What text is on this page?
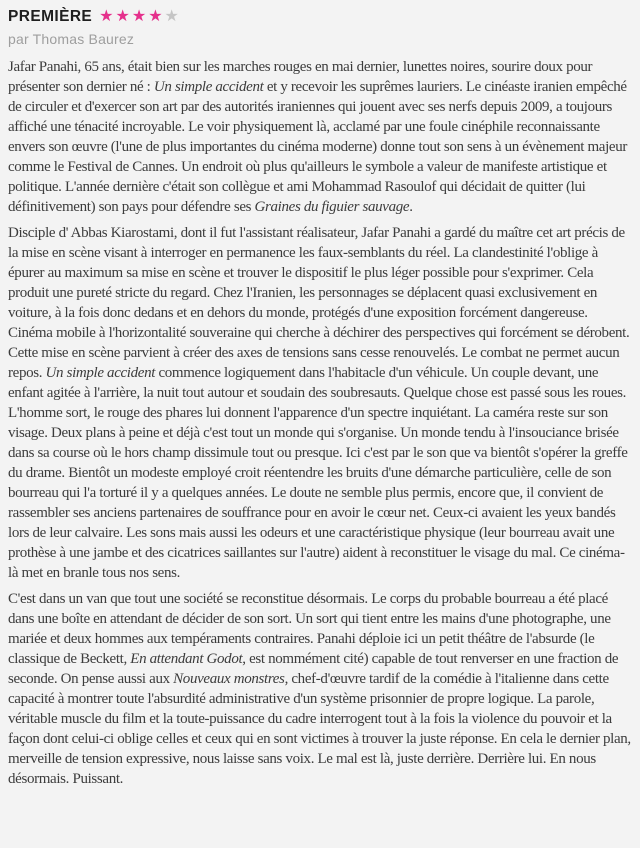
PREMIÈRE ★ ★ ★ ★ ★
par Thomas Baurez

Jafar Panahi, 65 ans, était bien sur les marches rouges en mai dernier, lunettes noires, sourire doux pour présenter son dernier né : Un simple accident et y recevoir les suprêmes lauriers. Le cinéaste iranien empêché de circuler et d'exercer son art par des autorités iraniennes qui jouent avec ses nerfs depuis 2009, a toujours affiché une ténacité incroyable. Le voir physiquement là, acclamé par une foule cinéphile reconnaissante envers son œuvre (l'une de plus importantes du cinéma moderne) donne tout son sens à un évènement majeur comme le Festival de Cannes. Un endroit où plus qu'ailleurs le symbole a valeur de manifeste artistique et politique. L'année dernière c'était son collègue et ami Mohammad Rasoulof qui décidait de quitter (lui définitivement) son pays pour défendre ses Graines du figuier sauvage.

Disciple d' Abbas Kiarostami, dont il fut l'assistant réalisateur, Jafar Panahi a gardé du maître cet art précis de la mise en scène visant à interroger en permanence les faux-semblants du réel. La clandestinité l'oblige à épurer au maximum sa mise en scène et trouver le dispositif le plus léger possible pour s'exprimer. Cela produit une pureté stricte du regard. Chez l'Iranien, les personnages se déplacent quasi exclusivement en voiture, à la fois donc dedans et en dehors du monde, protégés d'une exposition forcément dangereuse. Cinéma mobile à l'horizontalité souveraine qui cherche à déchirer des perspectives qui forcément se dérobent. Cette mise en scène parvient à créer des axes de tensions sans cesse renouvelés. Le combat ne permet aucun repos. Un simple accident commence logiquement dans l'habitacle d'un véhicule. Un couple devant, une enfant agitée à l'arrière, la nuit tout autour et soudain des soubresauts. Quelque chose est passé sous les roues. L'homme sort, le rouge des phares lui donnent l'apparence d'un spectre inquiétant. La caméra reste sur son visage. Deux plans à peine et déjà c'est tout un monde qui s'organise. Un monde tendu à l'insouciance brisée dans sa course où le hors champ dissimule tout ou presque. Ici c'est par le son que va bientôt s'opérer la greffe du drame. Bientôt un modeste employé croit réentendre les bruits d'une démarche particulière, celle de son bourreau qui l'a torturé il y a quelques années. Le doute ne semble plus permis, encore que, il convient de rassembler ses anciens partenaires de souffrance pour en avoir le cœur net. Ceux-ci avaient les yeux bandés lors de leur calvaire. Les sons mais aussi les odeurs et une caractéristique physique (leur bourreau avait une prothèse à une jambe et des cicatrices saillantes sur l'autre) aident à reconstituer le visage du mal. Ce cinéma-là met en branle tous nos sens.

C'est dans un van que tout une société se reconstitue désormais. Le corps du probable bourreau a été placé dans une boîte en attendant de décider de son sort. Un sort qui tient entre les mains d'une photographe, une mariée et deux hommes aux tempéraments contraires. Panahi déploie ici un petit théâtre de l'absurde (le classique de Beckett, En attendant Godot, est nommément cité) capable de tout renverser en une fraction de seconde. On pense aussi aux Nouveaux monstres, chef-d'œuvre tardif de la comédie à l'italienne dans cette capacité à montrer toute l'absurdité administrative d'un système prisonnier de propre logique. La parole, véritable muscle du film et la toute-puissance du cadre interrogent tout à la fois la violence du pouvoir et la façon dont celui-ci oblige celles et ceux qui en sont victimes à trouver la juste réponse. En cela le dernier plan, merveille de tension expressive, nous laisse sans voix. Le mal est là, juste derrière. Derrière lui. En nous désormais. Puissant.
